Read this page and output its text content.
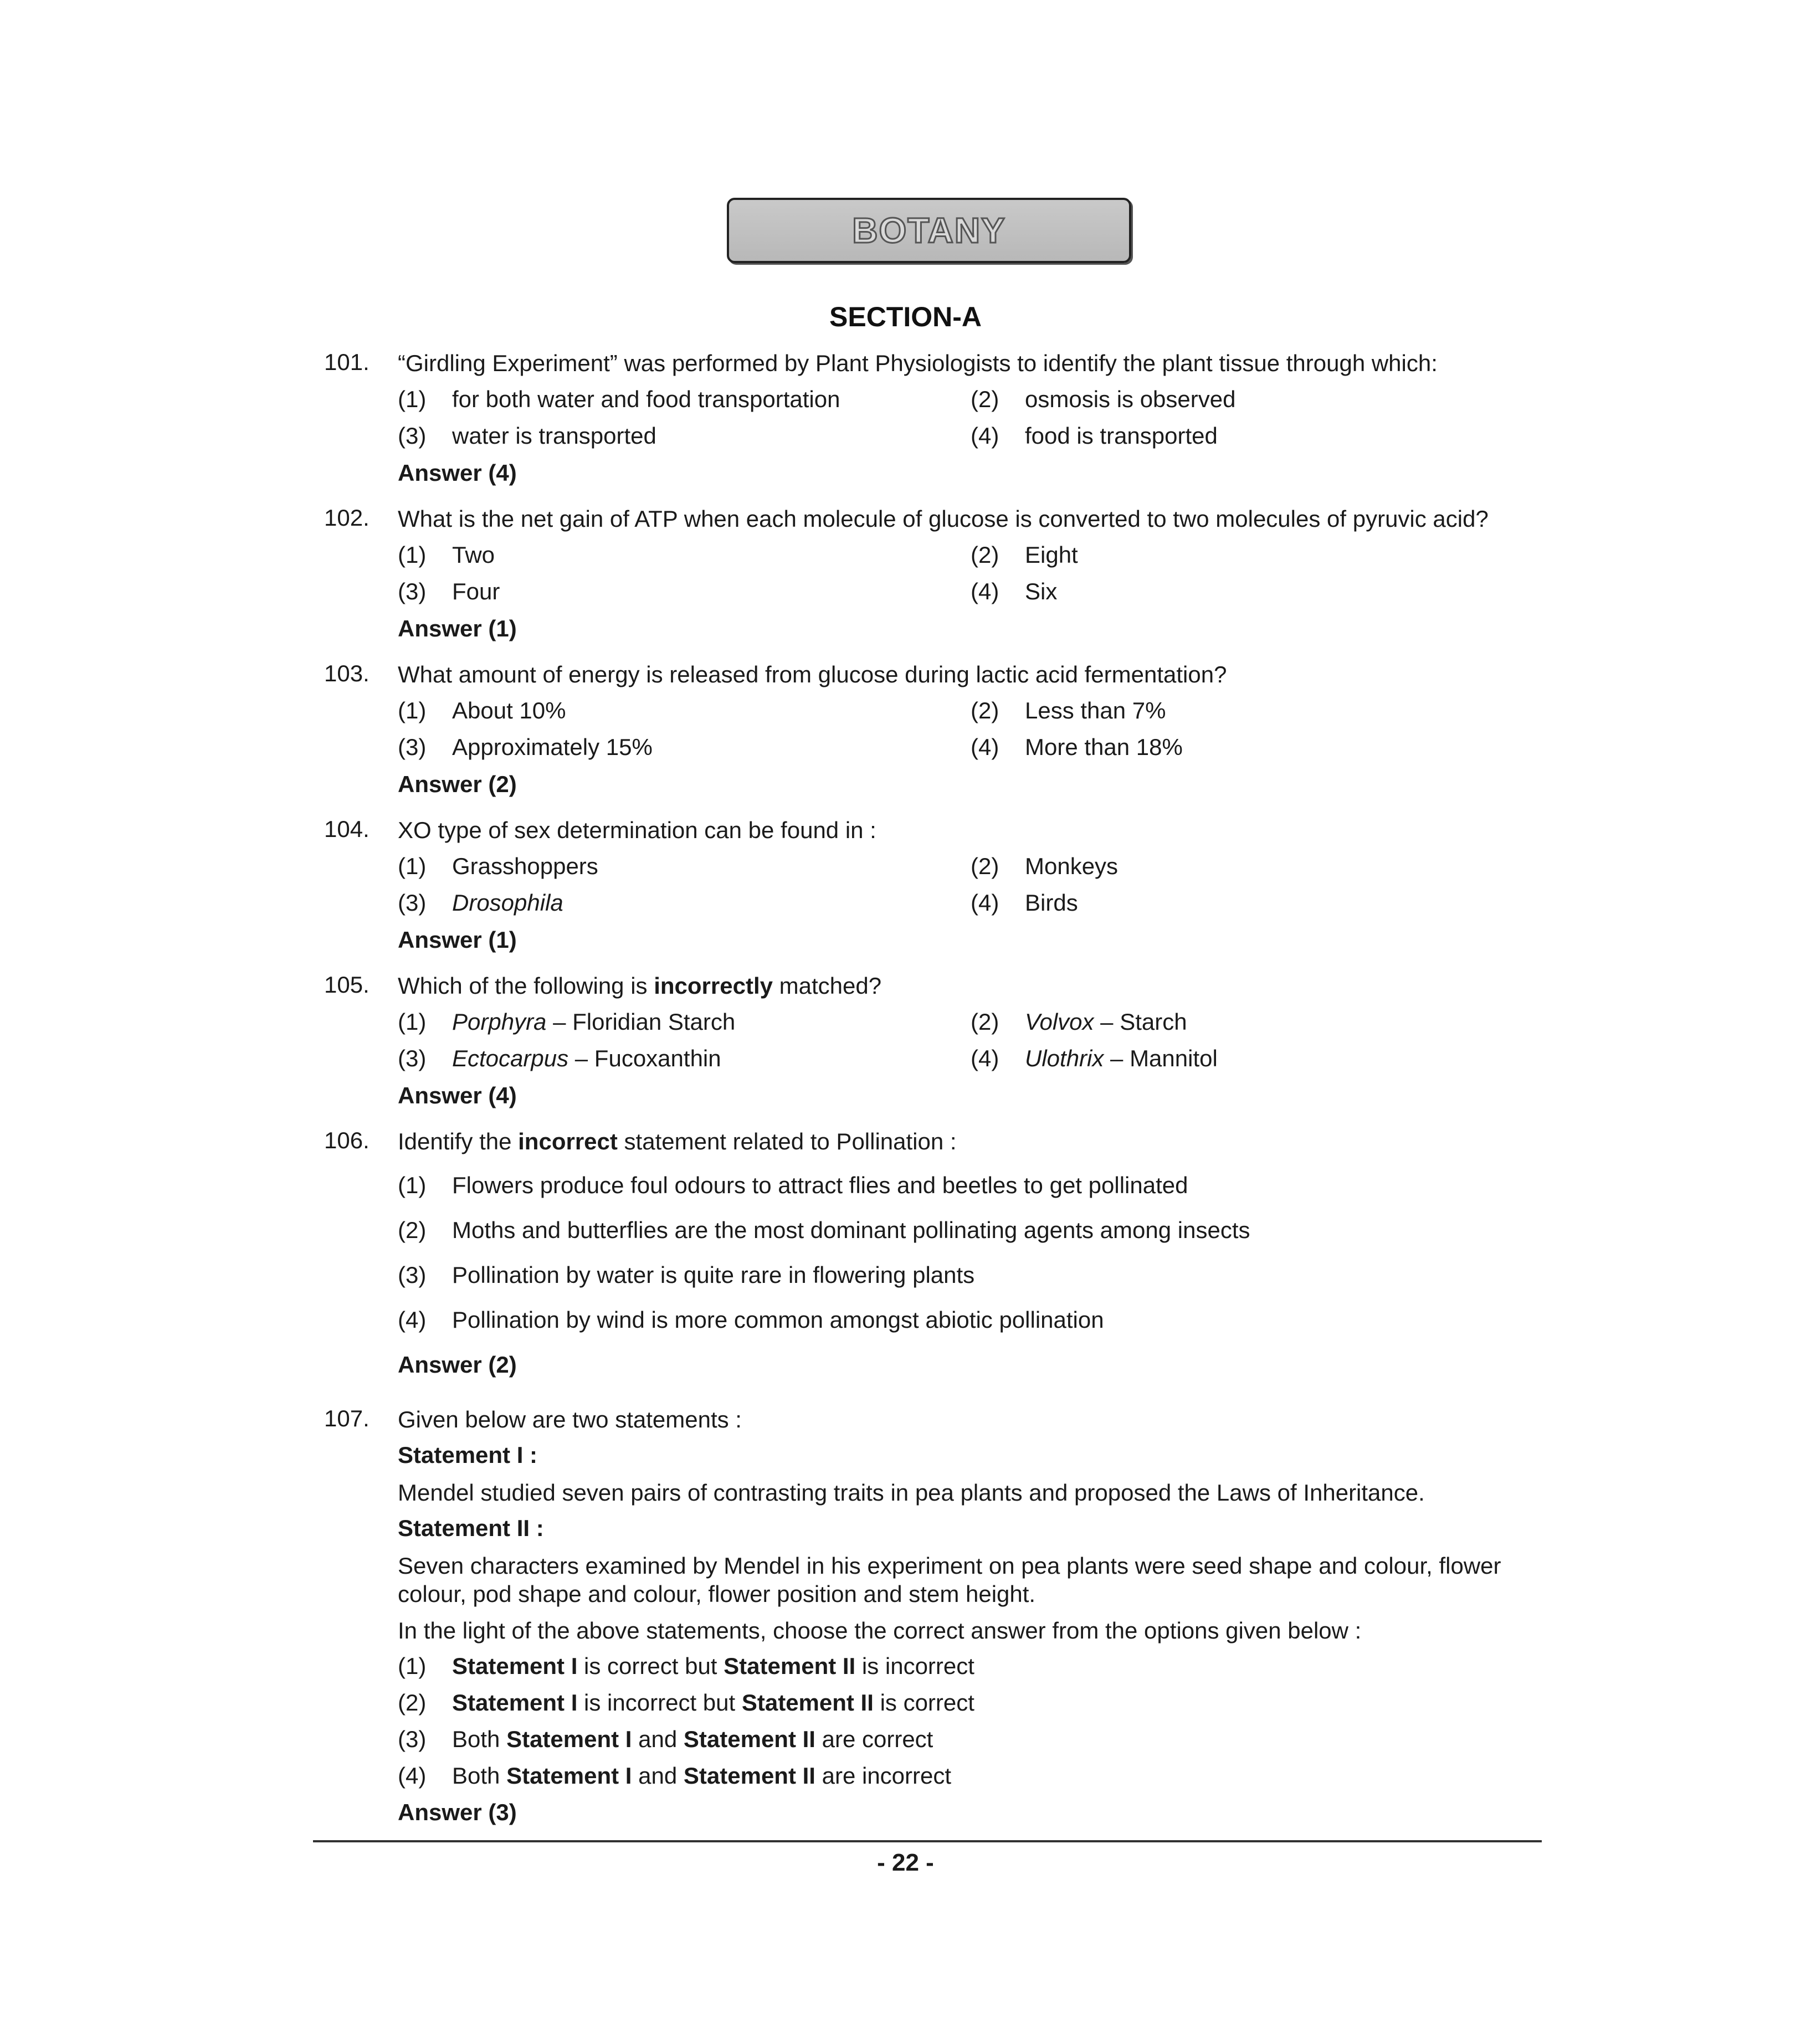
BOTANY
SECTION-A
101. “Girdling Experiment” was performed by Plant Physiologists to identify the plant tissue through which:
(1) for both water and food transportation	(2) osmosis is observed
(3) water is transported	(4) food is transported
Answer (4)
102. What is the net gain of ATP when each molecule of glucose is converted to two molecules of pyruvic acid?
(1) Two	(2) Eight
(3) Four	(4) Six
Answer (1)
103. What amount of energy is released from glucose during lactic acid fermentation?
(1) About 10%	(2) Less than 7%
(3) Approximately 15%	(4) More than 18%
Answer (2)
104. XO type of sex determination can be found in :
(1) Grasshoppers	(2) Monkeys
(3) Drosophila	(4) Birds
Answer (1)
105. Which of the following is incorrectly matched?
(1) Porphyra – Floridian Starch	(2) Volvox – Starch
(3) Ectocarpus – Fucoxanthin	(4) Ulothrix – Mannitol
Answer (4)
106. Identify the incorrect statement related to Pollination :
(1) Flowers produce foul odours to attract flies and beetles to get pollinated
(2) Moths and butterflies are the most dominant pollinating agents among insects
(3) Pollination by water is quite rare in flowering plants
(4) Pollination by wind is more common amongst abiotic pollination
Answer (2)
107. Given below are two statements :
Statement I :
Mendel studied seven pairs of contrasting traits in pea plants and proposed the Laws of Inheritance.
Statement II :
Seven characters examined by Mendel in his experiment on pea plants were seed shape and colour, flower colour, pod shape and colour, flower position and stem height.
In the light of the above statements, choose the correct answer from the options given below :
(1) Statement I is correct but Statement II is incorrect
(2) Statement I is incorrect but Statement II is correct
(3) Both Statement I and Statement II are correct
(4) Both Statement I and Statement II are incorrect
Answer (3)
- 22 -
